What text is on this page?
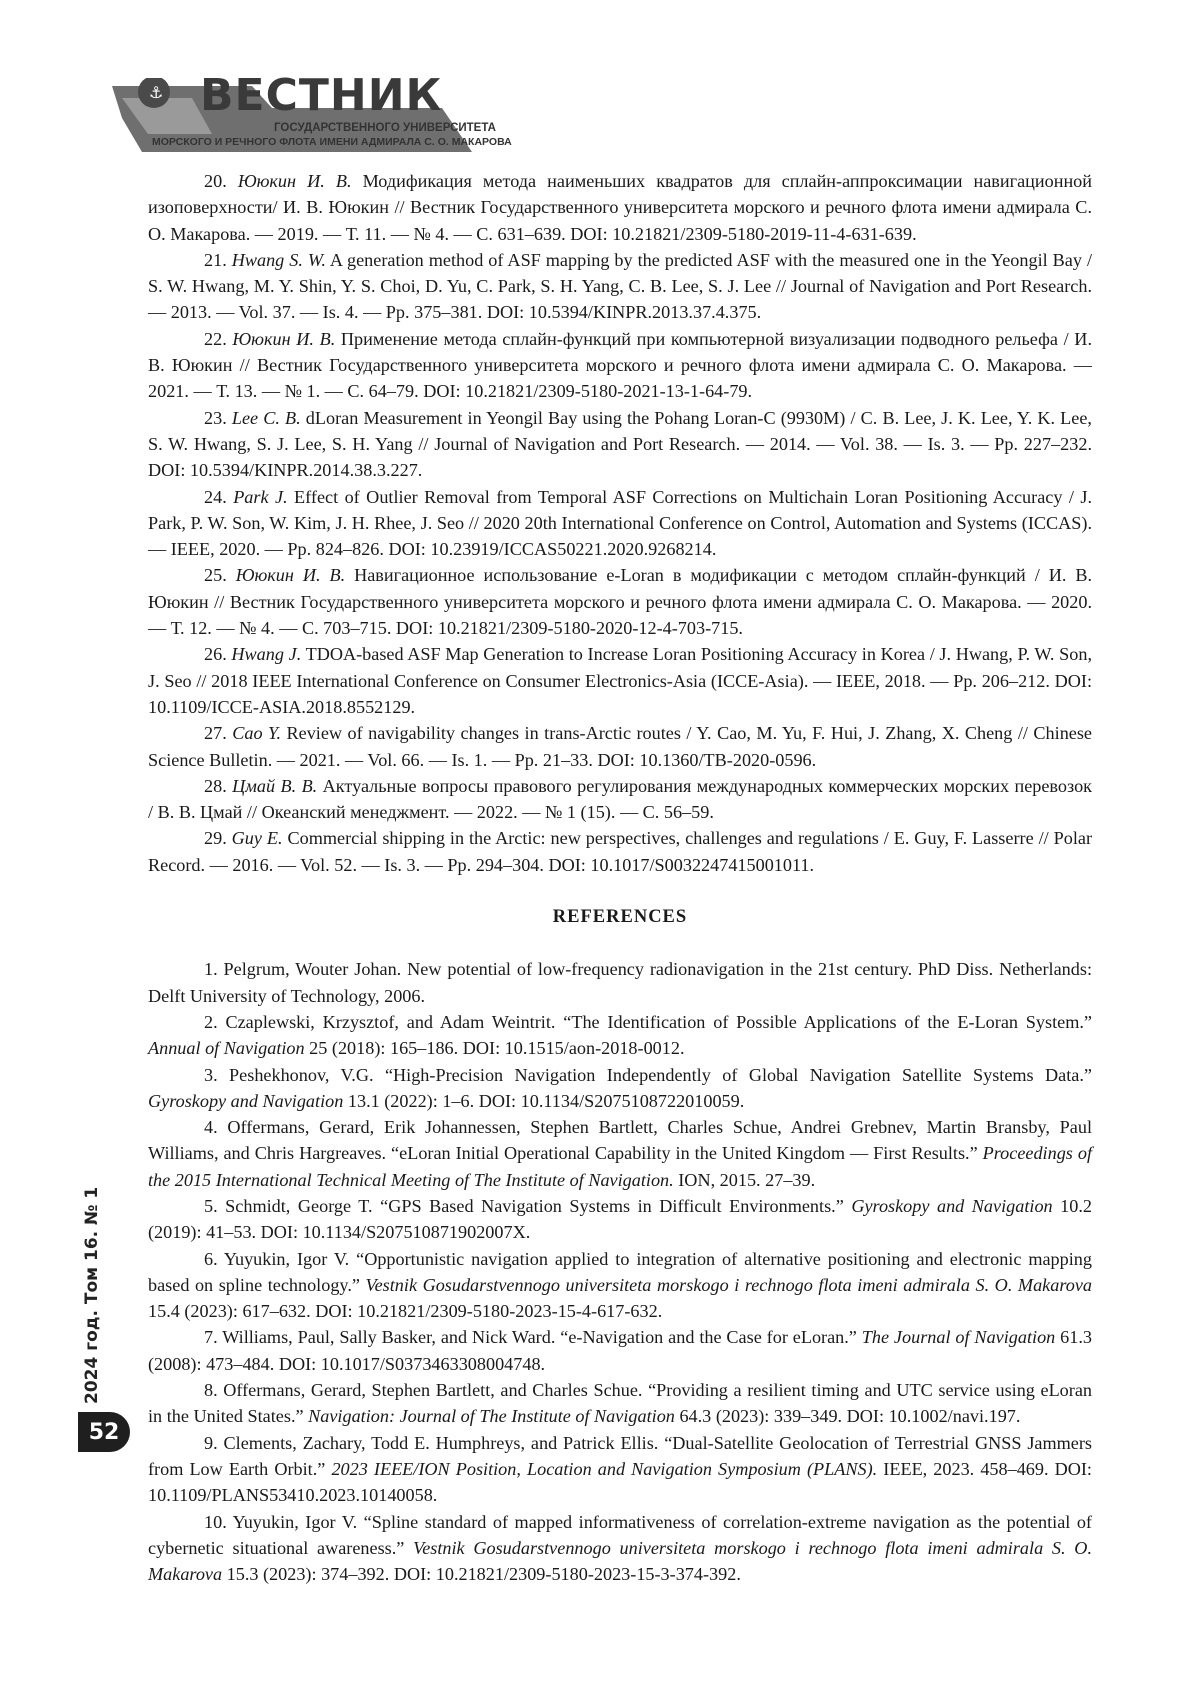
⚓ ВЕСТНИК
ГОСУДАРСТВЕННОГО УНИВЕРСИТЕТА
МОРСКОГО И РЕЧНОГО ФЛОТА ИМЕНИ АДМИРАЛА С. О. МАКАРОВА

20. Ююкин И. В. Модификация метода наименьших квадратов для сплайн-аппроксимации навигационной изоповерхности/ И. В. Ююкин // Вестник Государственного университета морского и речного флота имени адмирала С. О. Макарова. — 2019. — Т. 11. — № 4. — С. 631–639. DOI: 10.21821/2309-5180-2019-11-4-631-639.

21. Hwang S. W. A generation method of ASF mapping by the predicted ASF with the measured one in the Yeongil Bay / S. W. Hwang, M. Y. Shin, Y. S. Choi, D. Yu, C. Park, S. H. Yang, C. B. Lee, S. J. Lee // Journal of Navigation and Port Research. — 2013. — Vol. 37. — Is. 4. — Pp. 375–381. DOI: 10.5394/KINPR.2013.37.4.375.

22. Ююкин И. В. Применение метода сплайн-функций при компьютерной визуализации подводного рельефа / И. В. Ююкин // Вестник Государственного университета морского и речного флота имени адмирала С. О. Макарова. — 2021. — Т. 13. — № 1. — С. 64–79. DOI: 10.21821/2309-5180-2021-13-1-64-79.

23. Lee C. B. dLoran Measurement in Yeongil Bay using the Pohang Loran-C (9930M) / C. B. Lee, J. K. Lee, Y. K. Lee, S. W. Hwang, S. J. Lee, S. H. Yang // Journal of Navigation and Port Research. — 2014. — Vol. 38. — Is. 3. — Pp. 227–232. DOI: 10.5394/KINPR.2014.38.3.227.

24. Park J. Effect of Outlier Removal from Temporal ASF Corrections on Multichain Loran Positioning Accuracy / J. Park, P. W. Son, W. Kim, J. H. Rhee, J. Seo // 2020 20th International Conference on Control, Automation and Systems (ICCAS). — IEEE, 2020. — Pp. 824–826. DOI: 10.23919/ICCAS50221.2020.9268214.

25. Ююкин И. В. Навигационное использование e-Loran в модификации с методом сплайн-функций / И. В. Ююкин // Вестник Государственного университета морского и речного флота имени адмирала С. О. Макарова. — 2020. — Т. 12. — № 4. — С. 703–715. DOI: 10.21821/2309-5180-2020-12-4-703-715.

26. Hwang J. TDOA-based ASF Map Generation to Increase Loran Positioning Accuracy in Korea / J. Hwang, P. W. Son, J. Seo // 2018 IEEE International Conference on Consumer Electronics-Asia (ICCE-Asia). — IEEE, 2018. — Pp. 206–212. DOI: 10.1109/ICCE-ASIA.2018.8552129.

27. Cao Y. Review of navigability changes in trans-Arctic routes / Y. Cao, M. Yu, F. Hui, J. Zhang, X. Cheng // Chinese Science Bulletin. — 2021. — Vol. 66. — Is. 1. — Pp. 21–33. DOI: 10.1360/TB-2020-0596.

28. Цмай В. В. Актуальные вопросы правового регулирования международных коммерческих морских перевозок / В. В. Цмай // Океанский менеджмент. — 2022. — № 1 (15). — С. 56–59.

29. Guy E. Commercial shipping in the Arctic: new perspectives, challenges and regulations / E. Guy, F. Lasserre // Polar Record. — 2016. — Vol. 52. — Is. 3. — Pp. 294–304. DOI: 10.1017/S0032247415001011.

REFERENCES

1. Pelgrum, Wouter Johan. New potential of low-frequency radionavigation in the 21st century. PhD Diss. Netherlands: Delft University of Technology, 2006.

2. Czaplewski, Krzysztof, and Adam Weintrit. “The Identification of Possible Applications of the E-Loran System.” Annual of Navigation 25 (2018): 165–186. DOI: 10.1515/aon-2018-0012.

3. Peshekhonov, V.G. “High-Precision Navigation Independently of Global Navigation Satellite Systems Data.” Gyroskopy and Navigation 13.1 (2022): 1–6. DOI: 10.1134/S2075108722010059.

4. Offermans, Gerard, Erik Johannessen, Stephen Bartlett, Charles Schue, Andrei Grebnev, Martin Bransby, Paul Williams, and Chris Hargreaves. “eLoran Initial Operational Capability in the United Kingdom — First Results.” Proceedings of the 2015 International Technical Meeting of The Institute of Navigation. ION, 2015. 27–39.

5. Schmidt, George T. “GPS Based Navigation Systems in Difficult Environments.” Gyroskopy and Navigation 10.2 (2019): 41–53. DOI: 10.1134/S207510871902007X.

6. Yuyukin, Igor V. “Opportunistic navigation applied to integration of alternative positioning and electronic mapping based on spline technology.” Vestnik Gosudarstvennogo universiteta morskogo i rechnogo flota imeni admirala S. O. Makarova 15.4 (2023): 617–632. DOI: 10.21821/2309-5180-2023-15-4-617-632.

7. Williams, Paul, Sally Basker, and Nick Ward. “e-Navigation and the Case for eLoran.” The Journal of Navigation 61.3 (2008): 473–484. DOI: 10.1017/S0373463308004748.

8. Offermans, Gerard, Stephen Bartlett, and Charles Schue. “Providing a resilient timing and UTC service using eLoran in the United States.” Navigation: Journal of The Institute of Navigation 64.3 (2023): 339–349. DOI: 10.1002/navi.197.

9. Clements, Zachary, Todd E. Humphreys, and Patrick Ellis. “Dual-Satellite Geolocation of Terrestrial GNSS Jammers from Low Earth Orbit.” 2023 IEEE/ION Position, Location and Navigation Symposium (PLANS). IEEE, 2023. 458–469. DOI: 10.1109/PLANS53410.2023.10140058.

10. Yuyukin, Igor V. “Spline standard of mapped informativeness of correlation-extreme navigation as the potential of cybernetic situational awareness.” Vestnik Gosudarstvennogo universiteta morskogo i rechnogo flota imeni admirala S. O. Makarova 15.3 (2023): 374–392. DOI: 10.21821/2309-5180-2023-15-3-374-392.

2024 год. Том 16. № 1
52
